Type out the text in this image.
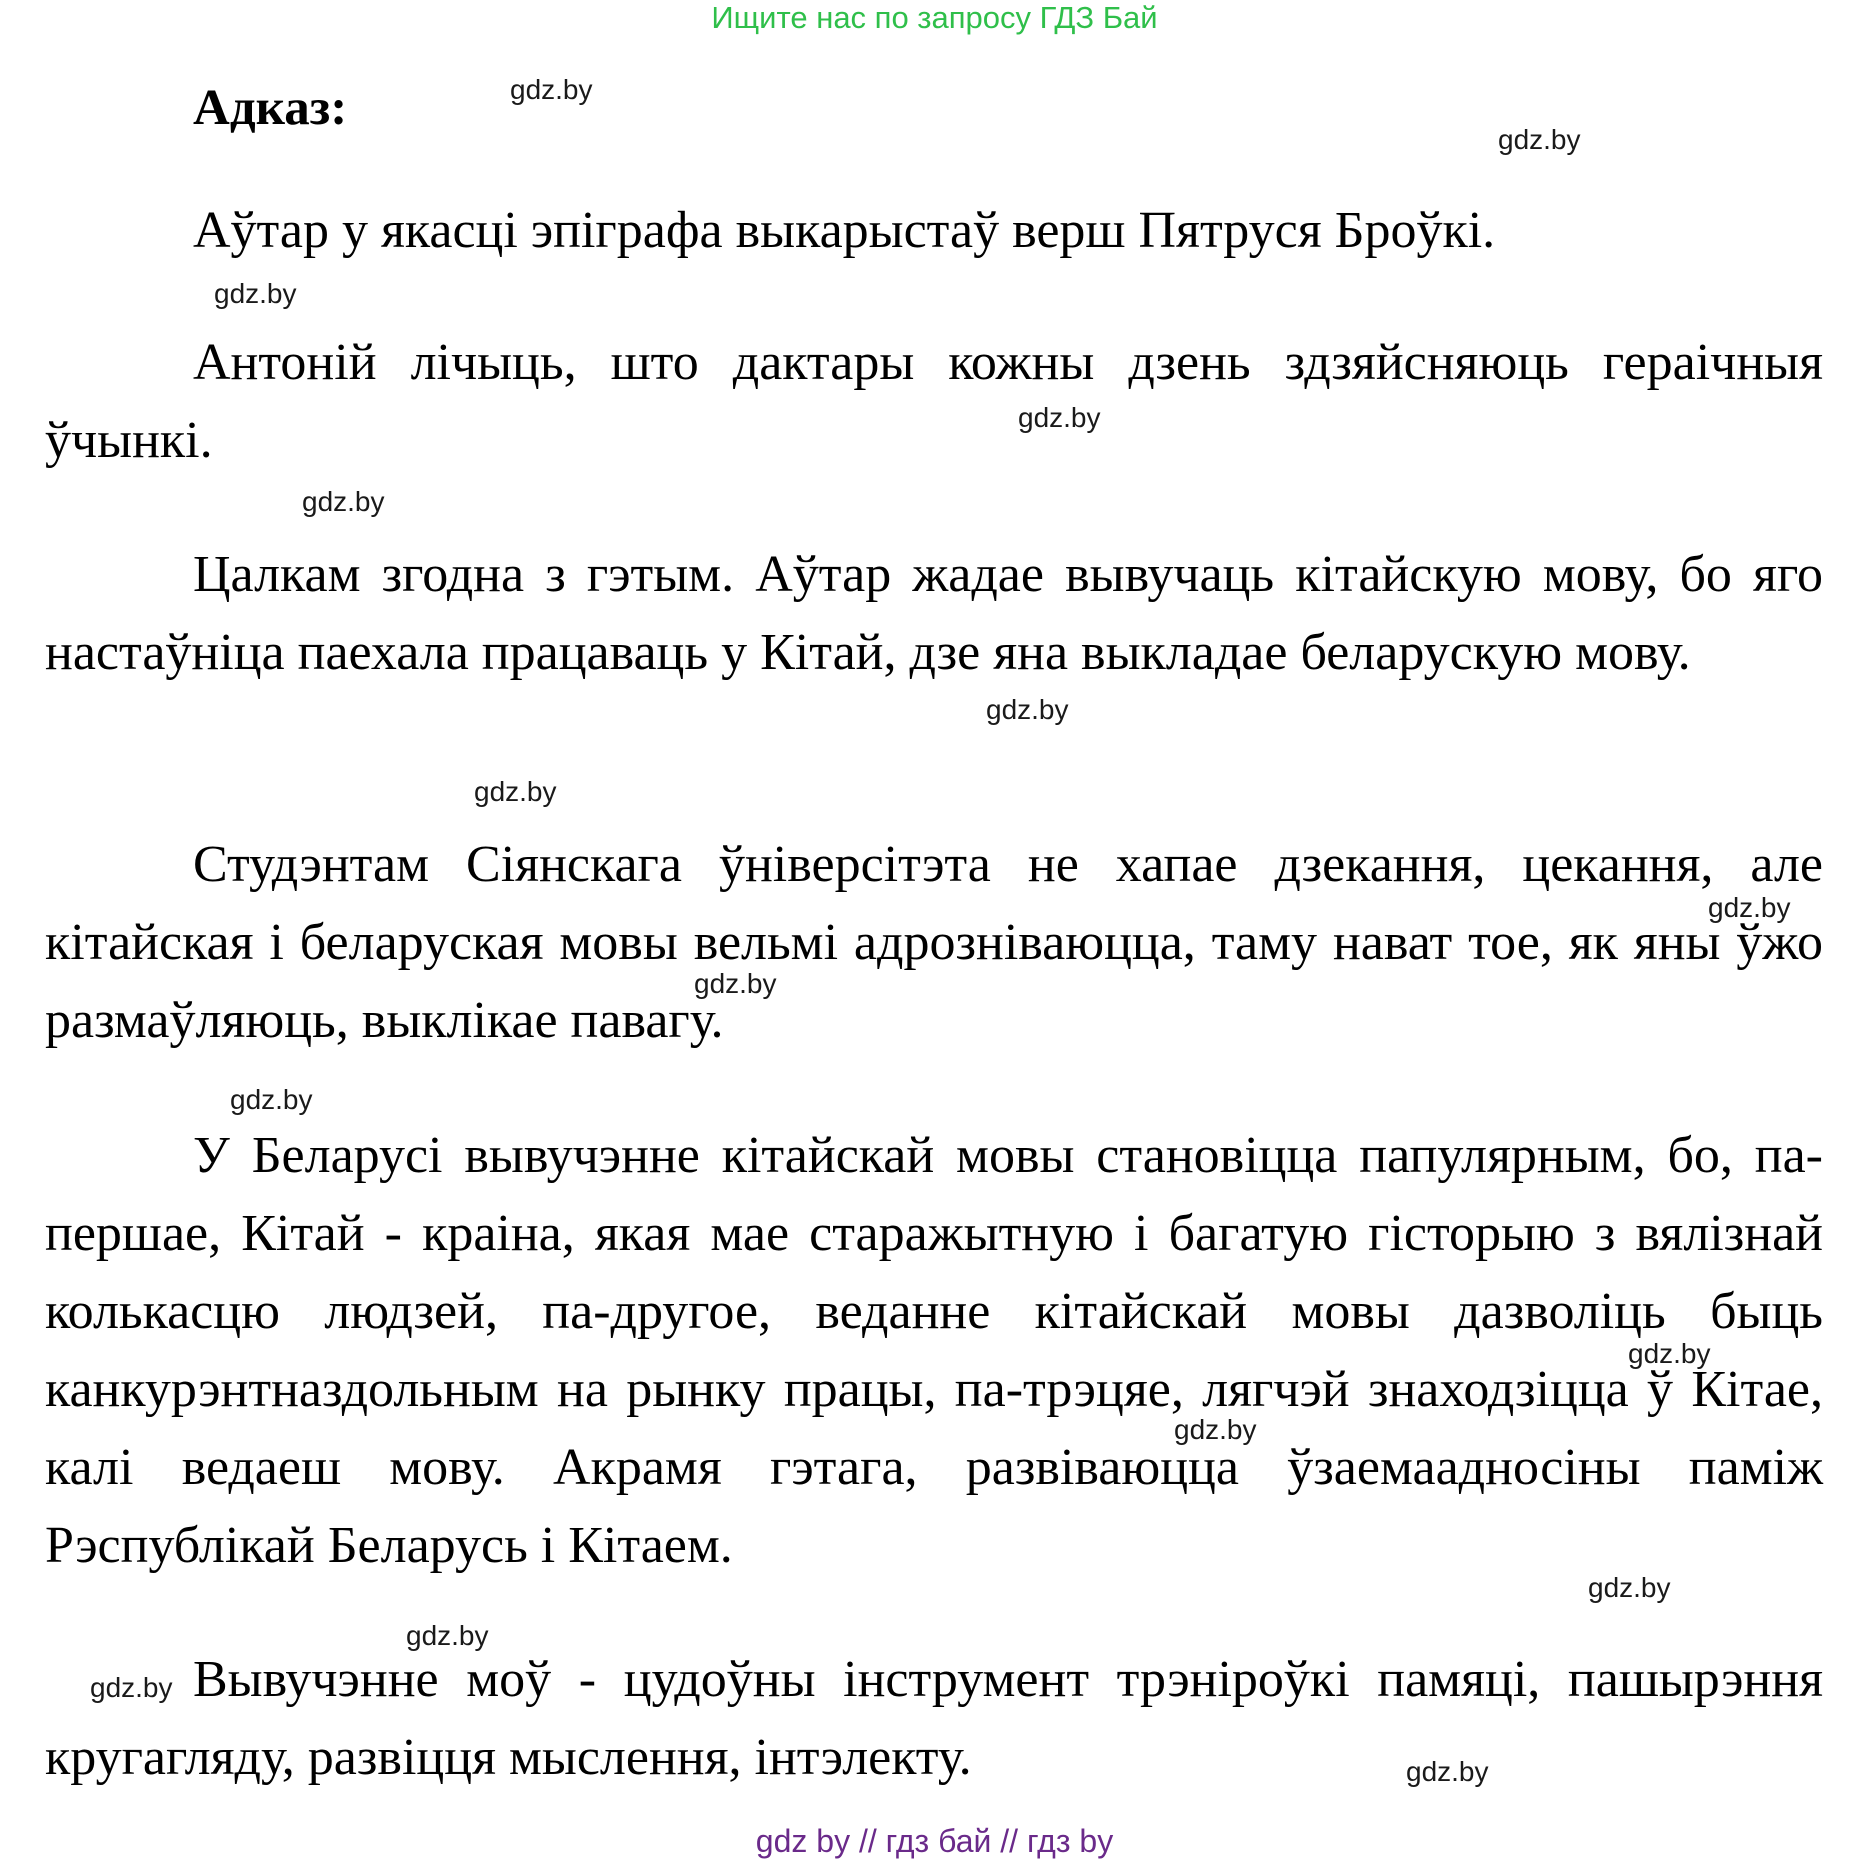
Ищите нас по запросу ГДЗ Бай
Адказ:

Аўтар у якасці эпіграфа выкарыстаў верш Пятруся Броўкі.

Антоній лічыць, што дактары кожны дзень здзяйсняюць гераічныя ўчынкі.

Цалкам згодна з гэтым. Аўтар жадае вывучаць кітайскую мову, бо яго настаўніца паехала працаваць у Кітай, дзе яна выкладае беларускую мову.

Студэнтам Сіянскага ўніверсітэта не хапае дзекання, цекання, але кітайская і беларуская мовы вельмі адрозніваюцца, таму нават тое, як яны ўжо размаўляюць, выклікае павагу.

У Беларусі вывучэнне кітайскай мовы становіцца папулярным, бо, па- першае, Кітай - краіна, якая мае старажытную і багатую гісторыю з вялізнай колькасцю людзей, па-другое, веданне кітайскай мовы дазволіць быць канкурэнтназдольным на рынку працы, па-трэцяе, лягчэй знаходзіцца ў Кітае, калі ведаеш мову. Акрамя гэтага, развіваюцца ўзаемаадносіны паміж Рэспублікай Беларусь і Кітаем.

Вывучэнне моў - цудоўны інструмент трэніроўкі памяці, пашырэння кругагляду, развіцця мыслення, інтэлекту.

gdz.by
gdz.by
gdz.by
gdz.by
gdz.by
gdz.by
gdz.by
gdz.by
gdz.by
gdz.by
gdz.by
gdz.by
gdz.by
gdz.by
gdz.by
gdz.by
gdz by // гдз бай // гдз by
